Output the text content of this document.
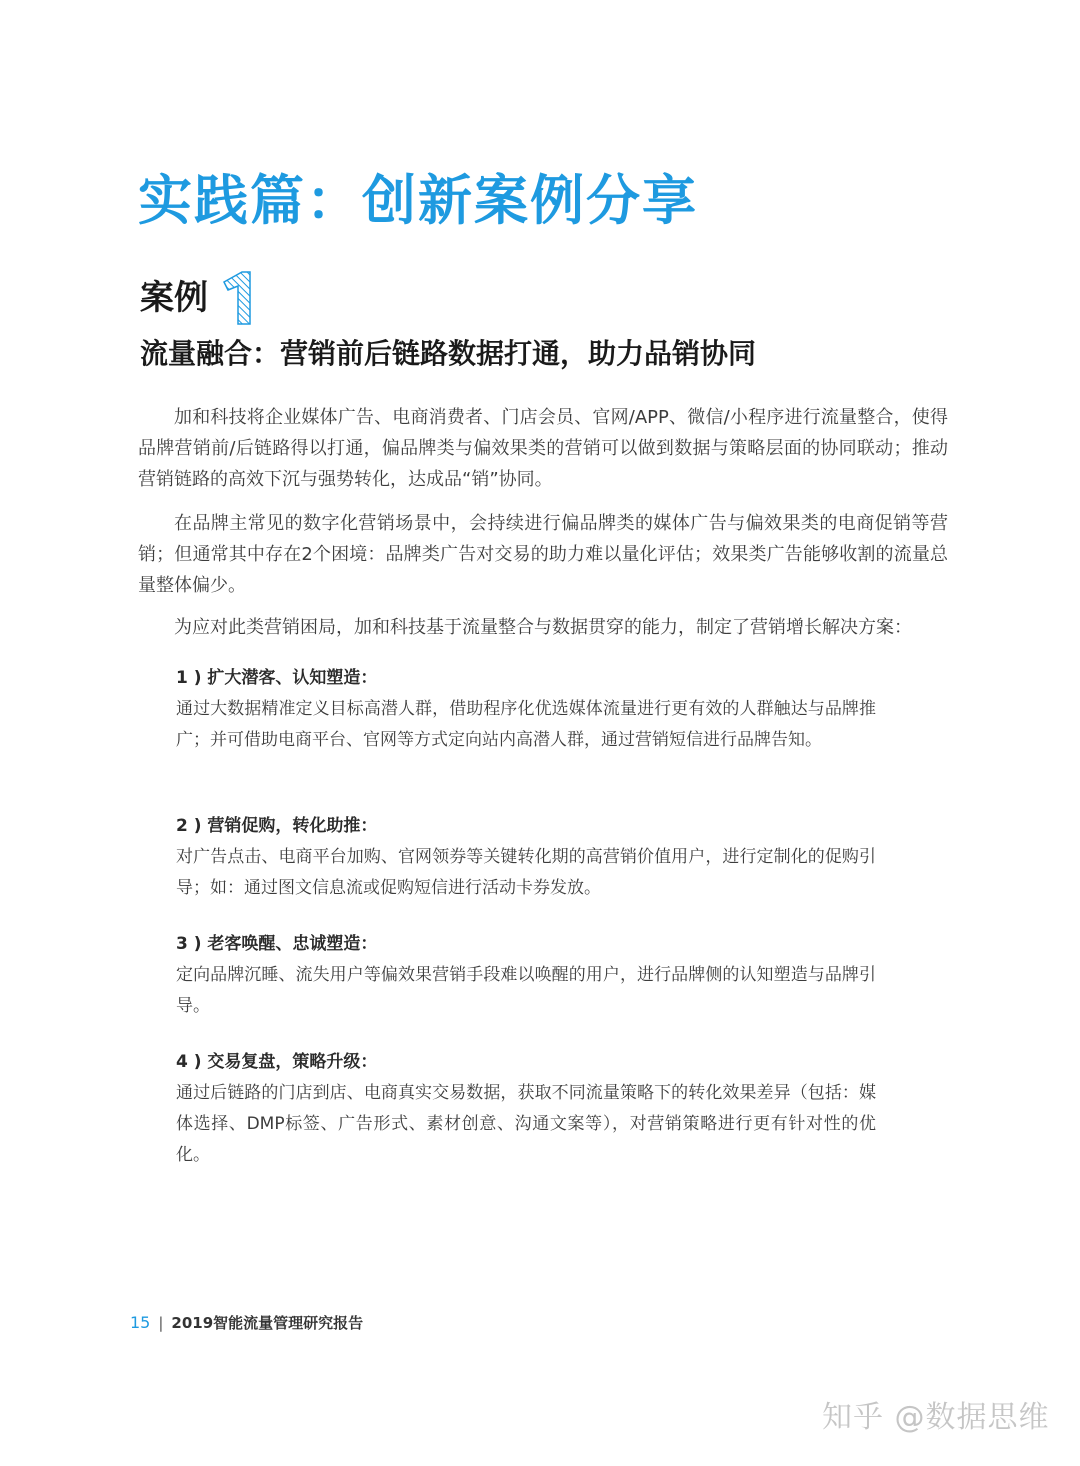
实践篇：创新案例分享
案例
流量融合：营销前后链路数据打通，助力品销协同

加和科技将企业媒体广告、电商消费者、门店会员、官网/APP、微信/小程序进行流量整合，使得品牌营销前/后链路得以打通，偏品牌类与偏效果类的营销可以做到数据与策略层面的协同联动；推动营销链路的高效下沉与强势转化，达成品“销”协同。

在品牌主常见的数字化营销场景中，会持续进行偏品牌类的媒体广告与偏效果类的电商促销等营销；但通常其中存在2个困境：品牌类广告对交易的助力难以量化评估；效果类广告能够收割的流量总量整体偏少。

为应对此类营销困局，加和科技基于流量整合与数据贯穿的能力，制定了营销增长解决方案：

1 ) 扩大潜客、认知塑造：

通过大数据精准定义目标高潜人群，借助程序化优选媒体流量进行更有效的人群触达与品牌推广；并可借助电商平台、官网等方式定向站内高潜人群，通过营销短信进行品牌告知。

2 ) 营销促购，转化助推：

对广告点击、电商平台加购、官网领券等关键转化期的高营销价值用户，进行定制化的促购引导；如：通过图文信息流或促购短信进行活动卡券发放。

3 ) 老客唤醒、忠诚塑造：

定向品牌沉睡、流失用户等偏效果营销手段难以唤醒的用户，进行品牌侧的认知塑造与品牌引导。

4 ) 交易复盘，策略升级：

通过后链路的门店到店、电商真实交易数据，获取不同流量策略下的转化效果差异（包括：媒体选择、DMP标签、广告形式、素材创意、沟通文案等），对营销策略进行更有针对性的优化。

15 | 2019智能流量管理研究报告
知乎 @数据思维
